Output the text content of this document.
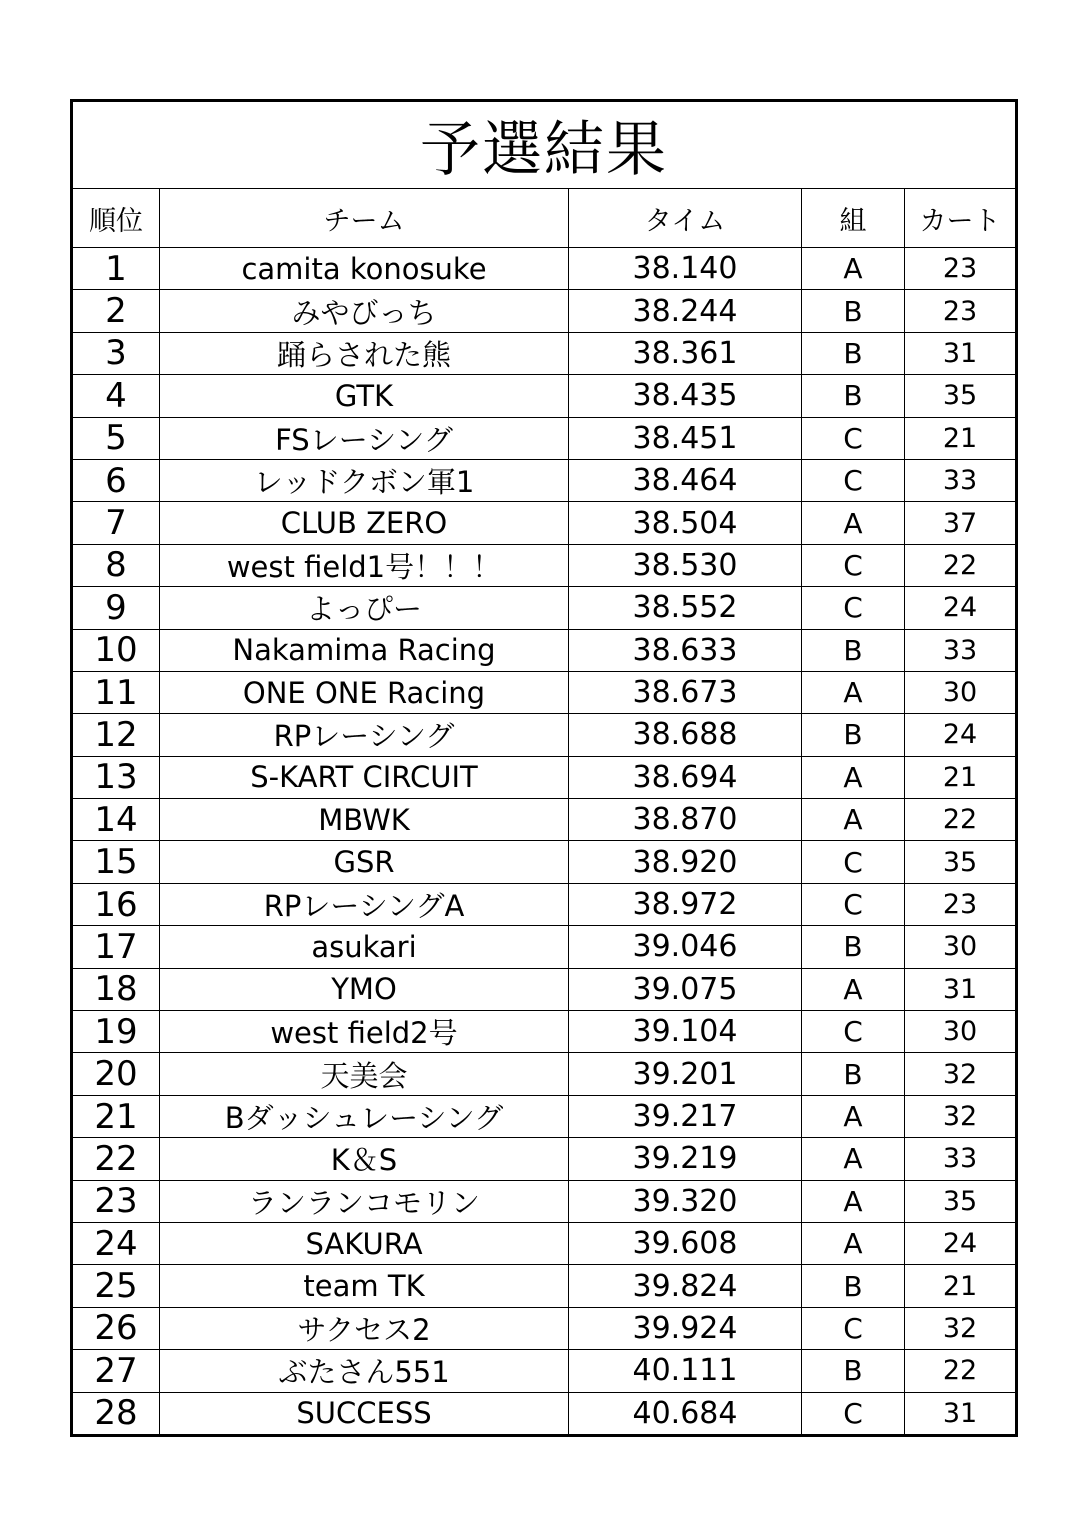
予選結果				
順位	チーム	タイム	組	カート
1	camita konosuke	38.140	A	23
2	みやびっち	38.244	B	23
3	踊らされた熊	38.361	B	31
4	GTK	38.435	B	35
5	FSレーシング	38.451	C	21
6	レッドクボン軍1	38.464	C	33
7	CLUB ZERO	38.504	A	37
8	west field1号！！！	38.530	C	22
9	よっぴー	38.552	C	24
10	Nakamima Racing	38.633	B	33
11	ONE ONE Racing	38.673	A	30
12	RPレーシング	38.688	B	24
13	S-KART CIRCUIT	38.694	A	21
14	MBWK	38.870	A	22
15	GSR	38.920	C	35
16	RPレーシングA	38.972	C	23
17	asukari	39.046	B	30
18	YMO	39.075	A	31
19	west field2号	39.104	C	30
20	天美会	39.201	B	32
21	Bダッシュレーシング	39.217	A	32
22	K＆S	39.219	A	33
23	ランランコモリン	39.320	A	35
24	SAKURA	39.608	A	24
25	team TK	39.824	B	21
26	サクセス2	39.924	C	32
27	ぶたさん551	40.111	B	22
28	SUCCESS	40.684	C	31
